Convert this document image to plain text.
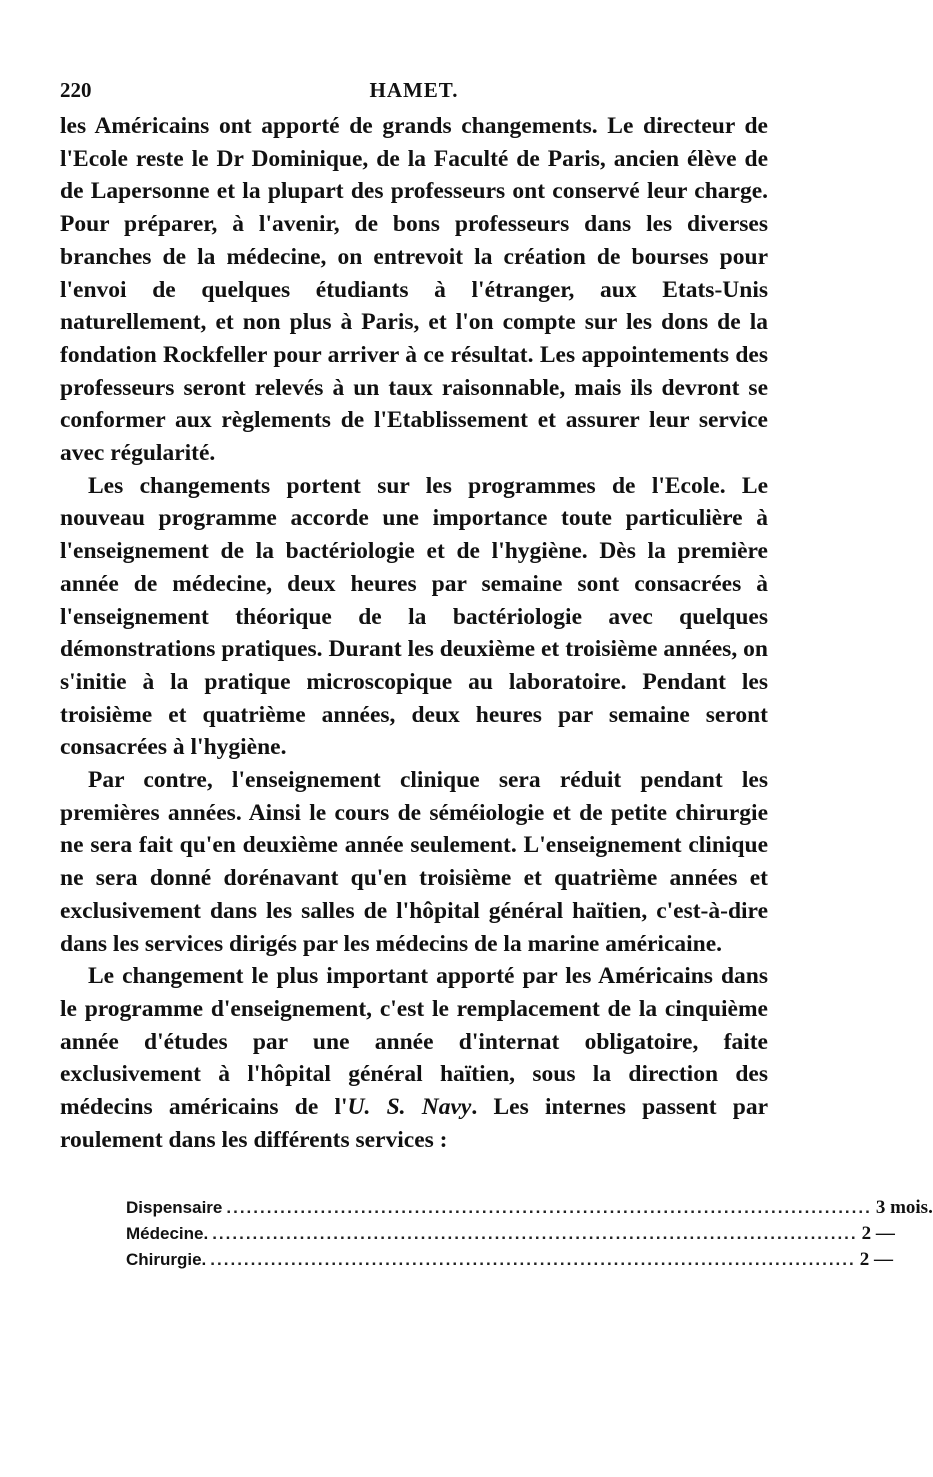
220	HAMET.

les Américains ont apporté de grands changements. Le directeur de l'Ecole reste le Dr Dominique, de la Faculté de Paris, ancien élève de de Lapersonne et la plupart des professeurs ont conservé leur charge. Pour préparer, à l'avenir, de bons professeurs dans les diverses branches de la médecine, on entrevoit la création de bourses pour l'envoi de quelques étudiants à l'étranger, aux Etats-Unis naturellement, et non plus à Paris, et l'on compte sur les dons de la fondation Rockfeller pour arriver à ce résultat. Les appointements des professeurs seront relevés à un taux raisonnable, mais ils devront se conformer aux règlements de l'Etablissement et assurer leur service avec régularité.

Les changements portent sur les programmes de l'Ecole. Le nouveau programme accorde une importance toute particulière à l'enseignement de la bactériologie et de l'hygiène. Dès la première année de médecine, deux heures par semaine sont consacrées à l'enseignement théorique de la bactériologie avec quelques démonstrations pratiques. Durant les deuxième et troisième années, on s'initie à la pratique microscopique au laboratoire. Pendant les troisième et quatrième années, deux heures par semaine seront consacrées à l'hygiène.

Par contre, l'enseignement clinique sera réduit pendant les premières années. Ainsi le cours de séméiologie et de petite chirurgie ne sera fait qu'en deuxième année seulement. L'enseignement clinique ne sera donné dorénavant qu'en troisième et quatrième années et exclusivement dans les salles de l'hôpital général haïtien, c'est-à-dire dans les services dirigés par les médecins de la marine américaine.

Le changement le plus important apporté par les Américains dans le programme d'enseignement, c'est le remplacement de la cinquième année d'études par une année d'internat obligatoire, faite exclusivement à l'hôpital général haïtien, sous la direction des médecins américains de l'U. S. Navy. Les internes passent par roulement dans les différents services :

Dispensaire ................................................................................................ 3 mois.
Médecine. ................................................................................................ 2 —
Chirurgie. ................................................................................................ 2 —
